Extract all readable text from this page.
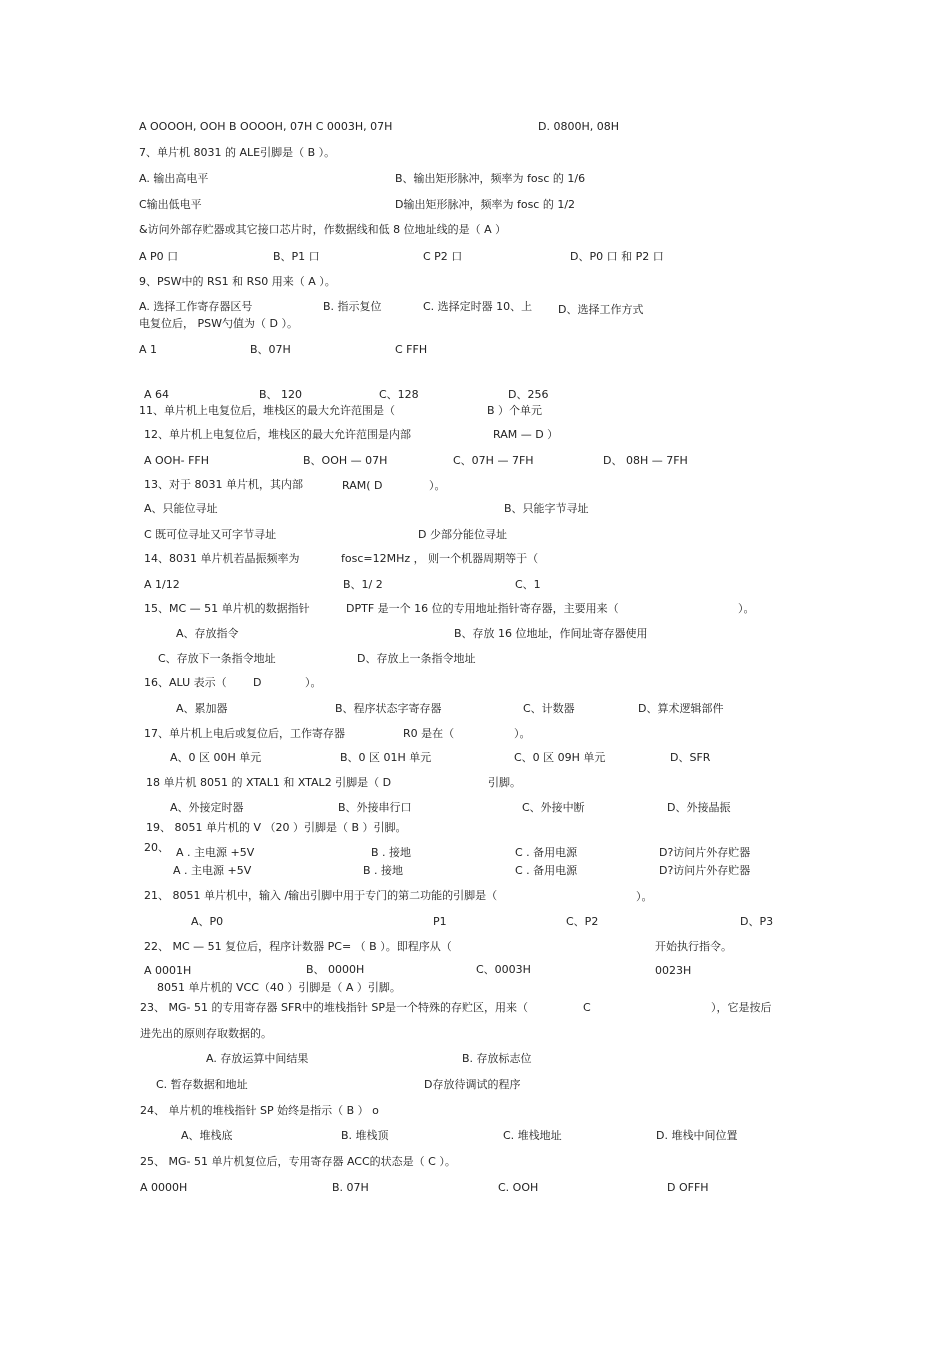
A OOOOH, OOH B OOOOH, 07H C 0003H, 07H	D. 0800H, 08H
7、单片机 8031 的 ALE引脚是（ B ）。
A. 输出高电平	B、输出矩形脉冲，频率为 fosc 的 1/6
C输出低电平	D输出矩形脉冲，频率为 fosc 的 1/2
&访问外部存贮器或其它接口芯片时，作数据线和低 8 位地址线的是（ A ）
A P0 口	B、P1 口	C P2 口	D、P0 口 和 P2 口
9、PSW中的 RS1 和 RS0 用来（ A ）。
A. 选择工作寄存器区号	B. 指示复位	C. 选择定时器 10、上 D、选择工作方式
电复位后， PSW勺值为（ D ）。
A 1	B、07H	C FFH
A 64	B、 120	C、128	D、256
11、单片机上电复位后，堆栈区的最大允许范围是（	B ）个单元
12、单片机上电复位后，堆栈区的最大允许范围是内部	RAM — D ）
A OOH- FFH	B、OOH — 07H	C、07H — 7FH	D、 08H — 7FH
13、对于 8031 单片机，其内部	RAM( D	）。
A、只能位寻址	B、只能字节寻址
C 既可位寻址又可字节寻址	D 少部分能位寻址
14、8031 单片机若晶振频率为	fosc=12MHz ， 则一个机器周期等于（
A 1/12	B、1/ 2	C、1
15、MC — 51 单片机的数据指针	DPTF 是一个 16 位的专用地址指针寄存器，主要用来（	）。
A、存放指令	B、存放 16 位地址，作间址寄存器使用
C、存放下一条指令地址	D、存放上一条指令地址
16、ALU 表示（ D	）。
A、累加器	B、程序状态字寄存器	C、计数器	D、算术逻辑部件
17、单片机上电后或复位后，工作寄存器	R0 是在（	）。
A、0 区 00H 单元	B、0 区 01H 单元	C、0 区 09H 单元	D、SFR
18 单片机 8051 的 XTAL1 和 XTAL2 引脚是（ D	引脚。
A、外接定时器	B、外接串行口	C、外接中断	D、外接晶振
19、 8051 单片机的 V （20 ）引脚是（ B ）引脚。
20、 A . 主电源 +5V	B . 接地	C . 备用电源	D?访问片外存贮器
A . 主电源 +5V	B . 接地	C . 备用电源	D?访问片外存贮器
21、 8051 单片机中，输入 /输出引脚中用于专门的第二功能的引脚是（	）。
A、P0	P1	C、P2	D、P3
22、 MC — 51 复位后，程序计数器 PC= （ B ）。即程序从（	开始执行指令。
A 0001H	B、 0000H	C、0003H	0023H
8051 单片机的 VCC（40 ）引脚是（ A ）引脚。
23、 MG- 51 的专用寄存器 SFR中的堆栈指针 SP是一个特殊的存贮区，用来（	C	），它是按后
进先出的原则存取数据的。
A. 存放运算中间结果	B. 存放标志位
C. 暂存数据和地址	D存放待调试的程序
24、 单片机的堆栈指针 SP 始终是指示（ B ） o
A、堆栈底	B. 堆栈顶	C. 堆栈地址	D. 堆栈中间位置
25、 MG- 51 单片机复位后，专用寄存器 ACC的状态是（ C ）。
A 0000H	B. 07H	C. OOH	D OFFH
